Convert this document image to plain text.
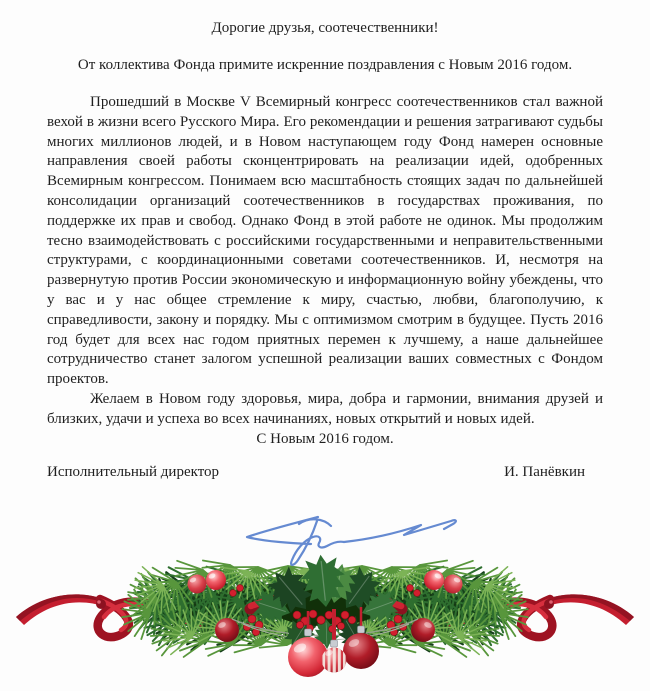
Дорогие друзья, соотечественники!

От коллектива Фонда примите искренние поздравления с Новым 2016 годом.

Прошедший в Москве V Всемирный конгресс соотечественников стал важной вехой в жизни всего Русского Мира. Его рекомендации и решения затрагивают судьбы многих миллионов людей, и в Новом наступающем году Фонд намерен основные направления своей работы сконцентрировать на реализации идей, одобренных Всемирным конгрессом. Понимаем всю масштабность стоящих задач по дальнейшей консолидации организаций соотечественников в государствах проживания, по поддержке их прав и свобод. Однако Фонд в этой работе не одинок. Мы продолжим тесно взаимодействовать с российскими государственными и неправительственными структурами, с координационными советами соотечественников. И, несмотря на развернутую против России экономическую и информационную войну убеждены, что у вас и у нас общее стремление к миру, счастью, любви, благополучию, к справедливости, закону и порядку. Мы с оптимизмом смотрим в будущее. Пусть 2016 год будет для всех нас годом приятных перемен к лучшему, а наше дальнейшее сотрудничество станет залогом успешной реализации ваших совместных с Фондом проектов.

Желаем в Новом году здоровья, мира, добра и гармонии, внимания друзей и близких, удачи и успеха во всех начинаниях, новых открытий и новых идей.

С Новым 2016 годом.

Исполнительный директор	И. Панёвкин
